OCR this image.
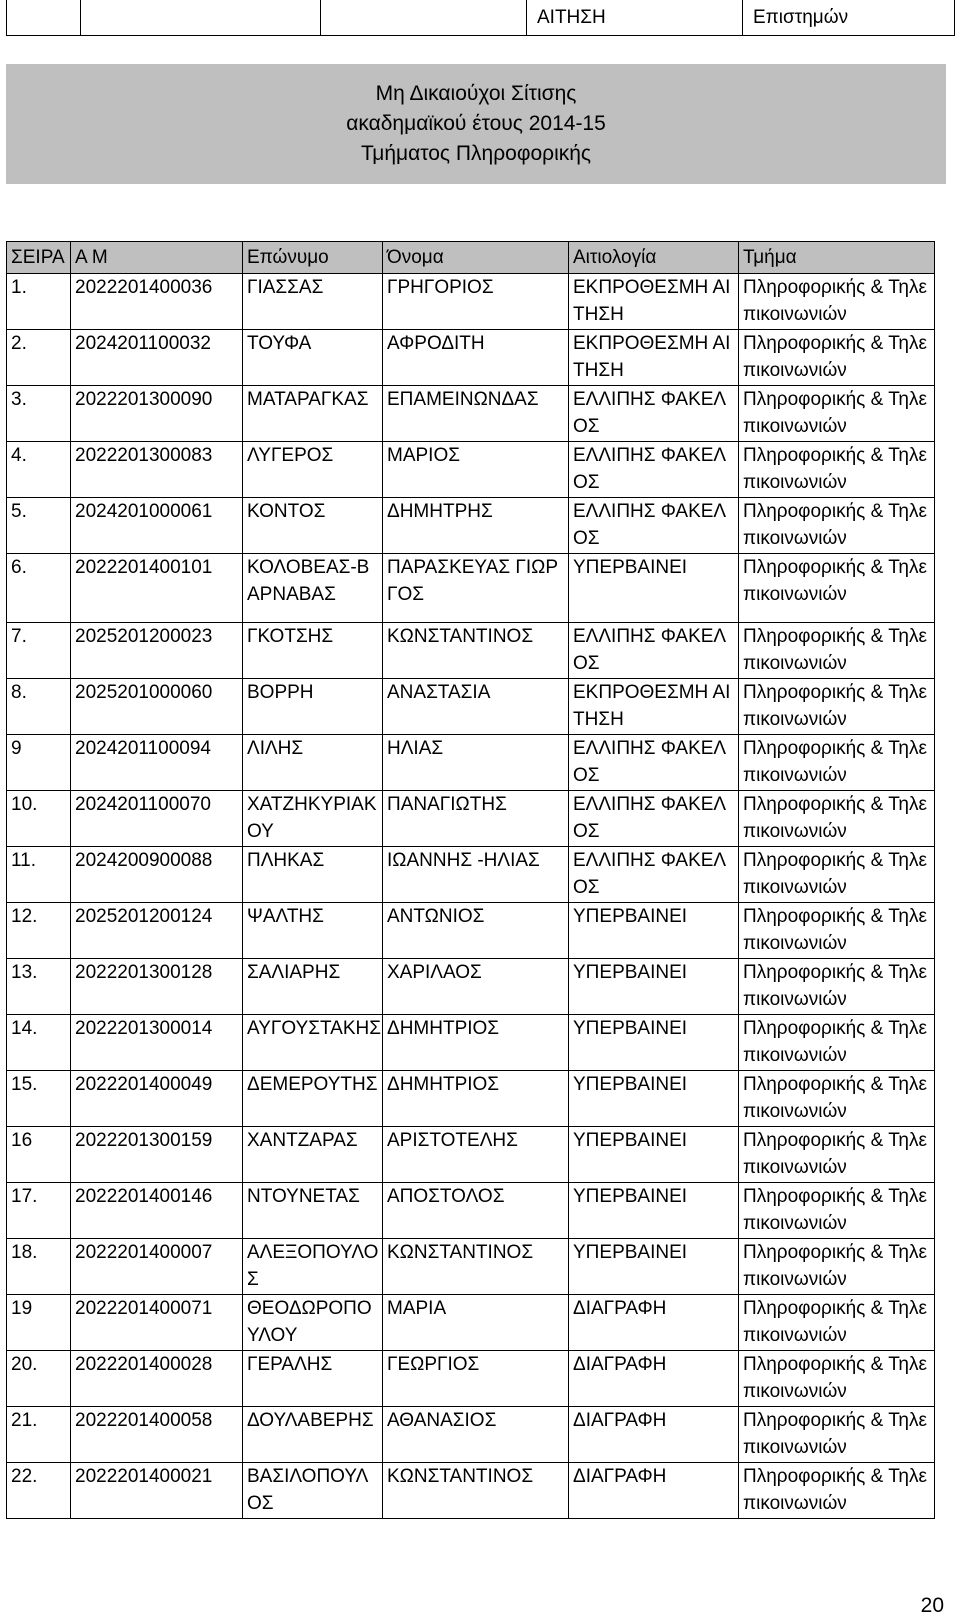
			ΑΙΤΗΣΗ	Επιστημών
Μη Δικαιούχοι Σίτισης
ακαδημαϊκού έτους 2014-15
Τμήματος Πληροφορικής
ΣΕΙΡΑ	Α Μ	Επώνυμο	Όνομα	Αιτιολογία	Τμήμα
1.	2022201400036	ΓΙΑΣΣΑΣ	ΓΡΗΓΟΡΙΟΣ	ΕΚΠΡΟΘΕΣΜΗ ΑΙΤΗΣΗ	Πληροφορικής & Τηλεπικοινωνιών
2.	2024201100032	ΤΟΥΦΑ	ΑΦΡΟΔΙΤΗ	ΕΚΠΡΟΘΕΣΜΗ ΑΙΤΗΣΗ	Πληροφορικής & Τηλεπικοινωνιών
3.	2022201300090	ΜΑΤΑΡΑΓΚΑΣ	ΕΠΑΜΕΙΝΩΝΔΑΣ	ΕΛΛΙΠΗΣ ΦΑΚΕΛΟΣ	Πληροφορικής & Τηλεπικοινωνιών
4.	2022201300083	ΛΥΓΕΡΟΣ	ΜΑΡΙΟΣ	ΕΛΛΙΠΗΣ ΦΑΚΕΛΟΣ	Πληροφορικής & Τηλεπικοινωνιών
5.	2024201000061	ΚΟΝΤΟΣ	ΔΗΜΗΤΡΗΣ	ΕΛΛΙΠΗΣ ΦΑΚΕΛΟΣ	Πληροφορικής & Τηλεπικοινωνιών
6.	2022201400101	ΚΟΛΟΒΕΑΣ-ΒΑΡΝΑΒΑΣ	ΠΑΡΑΣΚΕΥΑΣ ΓΙΩΡΓΟΣ	ΥΠΕΡΒΑΙΝΕΙ	Πληροφορικής & Τηλεπικοινωνιών
7.	2025201200023	ΓΚΟΤΣΗΣ	ΚΩΝΣΤΑΝΤΙΝΟΣ	ΕΛΛΙΠΗΣ ΦΑΚΕΛΟΣ	Πληροφορικής & Τηλεπικοινωνιών
8.	2025201000060	ΒΟΡΡΗ	ΑΝΑΣΤΑΣΙΑ	ΕΚΠΡΟΘΕΣΜΗ ΑΙΤΗΣΗ	Πληροφορικής & Τηλεπικοινωνιών
9	2024201100094	ΛΙΛΗΣ	ΗΛΙΑΣ	ΕΛΛΙΠΗΣ ΦΑΚΕΛΟΣ	Πληροφορικής & Τηλεπικοινωνιών
10.	2024201100070	ΧΑΤΖΗΚΥΡΙΑΚΟΥ	ΠΑΝΑΓΙΩΤΗΣ	ΕΛΛΙΠΗΣ ΦΑΚΕΛΟΣ	Πληροφορικής & Τηλεπικοινωνιών
11.	2024200900088	ΠΛΗΚΑΣ	ΙΩΑΝΝΗΣ -ΗΛΙΑΣ	ΕΛΛΙΠΗΣ ΦΑΚΕΛΟΣ	Πληροφορικής & Τηλεπικοινωνιών
12.	2025201200124	ΨΑΛΤΗΣ	ΑΝΤΩΝΙΟΣ	ΥΠΕΡΒΑΙΝΕΙ	Πληροφορικής & Τηλεπικοινωνιών
13.	2022201300128	ΣΑΛΙΑΡΗΣ	ΧΑΡΙΛΑΟΣ	ΥΠΕΡΒΑΙΝΕΙ	Πληροφορικής & Τηλεπικοινωνιών
14.	2022201300014	ΑΥΓΟΥΣΤΑΚΗΣ	ΔΗΜΗΤΡΙΟΣ	ΥΠΕΡΒΑΙΝΕΙ	Πληροφορικής & Τηλεπικοινωνιών
15.	2022201400049	ΔΕΜΕΡΟΥΤΗΣ	ΔΗΜΗΤΡΙΟΣ	ΥΠΕΡΒΑΙΝΕΙ	Πληροφορικής & Τηλεπικοινωνιών
16	2022201300159	ΧΑΝΤΖΑΡΑΣ	ΑΡΙΣΤΟΤΕΛΗΣ	ΥΠΕΡΒΑΙΝΕΙ	Πληροφορικής & Τηλεπικοινωνιών
17.	2022201400146	ΝΤΟΥΝΕΤΑΣ	ΑΠΟΣΤΟΛΟΣ	ΥΠΕΡΒΑΙΝΕΙ	Πληροφορικής & Τηλεπικοινωνιών
18.	2022201400007	ΑΛΕΞΟΠΟΥΛΟΣ	ΚΩΝΣΤΑΝΤΙΝΟΣ	ΥΠΕΡΒΑΙΝΕΙ	Πληροφορικής & Τηλεπικοινωνιών
19	2022201400071	ΘΕΟΔΩΡΟΠΟΥΛΟΥ	ΜΑΡΙΑ	ΔΙΑΓΡΑΦΗ	Πληροφορικής & Τηλεπικοινωνιών
20.	2022201400028	ΓΕΡΑΛΗΣ	ΓΕΩΡΓΙΟΣ	ΔΙΑΓΡΑΦΗ	Πληροφορικής & Τηλεπικοινωνιών
21.	2022201400058	ΔΟΥΛΑΒΕΡΗΣ	ΑΘΑΝΑΣΙΟΣ	ΔΙΑΓΡΑΦΗ	Πληροφορικής & Τηλεπικοινωνιών
22.	2022201400021	ΒΑΣΙΛΟΠΟΥΛΟΣ	ΚΩΝΣΤΑΝΤΙΝΟΣ	ΔΙΑΓΡΑΦΗ	Πληροφορικής & Τηλεπικοινωνιών
20
